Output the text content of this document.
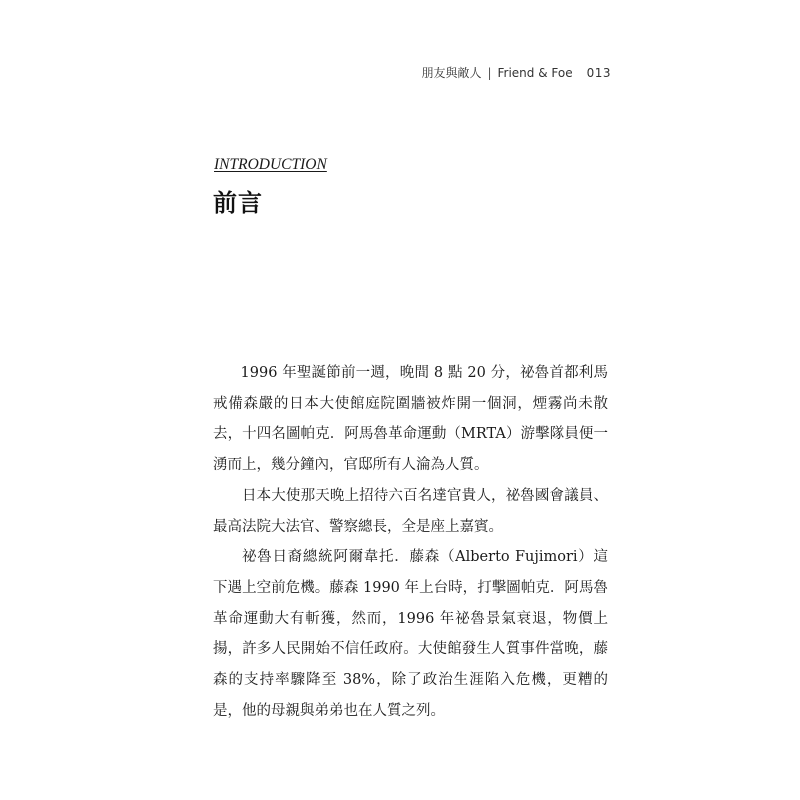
朋友與敵人 | Friend & Foe 013
INTRODUCTION
前言

1996 年聖誕節前一週，晚間 8 點 20 分，祕魯首都利馬戒備森嚴的日本大使館庭院圍牆被炸開一個洞，煙霧尚未散去，十四名圖帕克．阿馬魯革命運動（MRTA）游擊隊員便一湧而上，幾分鐘內，官邸所有人淪為人質。

日本大使那天晚上招待六百名達官貴人，祕魯國會議員、最高法院大法官、警察總長，全是座上嘉賓。

祕魯日裔總統阿爾韋托．藤森（Alberto Fujimori）這下遇上空前危機。藤森 1990 年上台時，打擊圖帕克．阿馬魯革命運動大有斬獲，然而，1996 年祕魯景氣衰退，物價上揚，許多人民開始不信任政府。大使館發生人質事件當晚，藤森的支持率驟降至 38%，除了政治生涯陷入危機，更糟的是，他的母親與弟弟也在人質之列。
